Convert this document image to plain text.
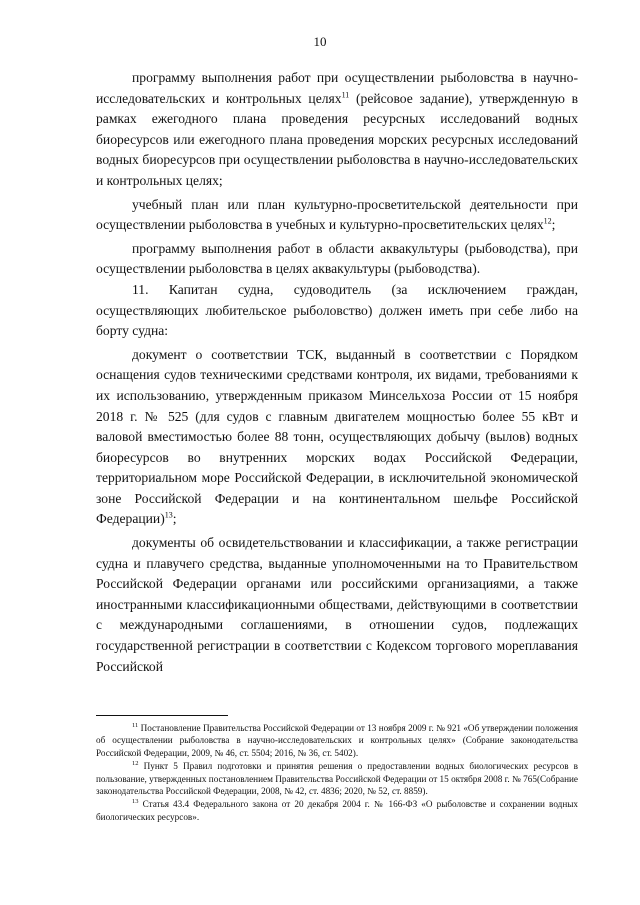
10

программу выполнения работ при осуществлении рыболовства в научно-исследовательских и контрольных целях$^{11}$ (рейсовое задание), утвержденную в рамках ежегодного плана проведения ресурсных исследований водных биоресурсов или ежегодного плана проведения морских ресурсных исследований водных биоресурсов при осуществлении рыболовства в научно-исследовательских и контрольных целях;

учебный план или план культурно-просветительской деятельности при осуществлении рыболовства в учебных и культурно-просветительских целях$^{12}$;

программу выполнения работ в области аквакультуры (рыбоводства), при осуществлении рыболовства в целях аквакультуры (рыбоводства).

11. Капитан судна, судоводитель (за исключением граждан, осуществляющих любительское рыболовство) должен иметь при себе либо на борту судна:

документ о соответствии ТСК, выданный в соответствии с Порядком оснащения судов техническими средствами контроля, их видами, требованиями к их использованию, утвержденным приказом Минсельхоза России от 15 ноября 2018 г. № 525 (для судов с главным двигателем мощностью более 55 кВт и валовой вместимостью более 88 тонн, осуществляющих добычу (вылов) водных биоресурсов во внутренних морских водах Российской Федерации, территориальном море Российской Федерации, в исключительной экономической зоне Российской Федерации и на континентальном шельфе Российской Федерации)$^{13}$;

документы об освидетельствовании и классификации, а также регистрации судна и плавучего средства, выданные уполномоченными на то Правительством Российской Федерации органами или российскими организациями, а также иностранными классификационными обществами, действующими в соответствии с международными соглашениями, в отношении судов, подлежащих государственной регистрации в соответствии с Кодексом торгового мореплавания Российской

$^{11}$ Постановление Правительства Российской Федерации от 13 ноября 2009 г. № 921 «Об утверждении положения об осуществлении рыболовства в научно-исследовательских и контрольных целях» (Собрание законодательства Российской Федерации, 2009, № 46, ст. 5504; 2016, № 36, ст. 5402).

$^{12}$ Пункт 5 Правил подготовки и принятия решения о предоставлении водных биологических ресурсов в пользование, утвержденных постановлением Правительства Российской Федерации от 15 октября 2008 г. № 765(Собрание законодательства Российской Федерации, 2008, № 42, ст. 4836; 2020, № 52, ст. 8859).

$^{13}$ Статья 43.4 Федерального закона от 20 декабря 2004 г. № 166-ФЗ «О рыболовстве и сохранении водных биологических ресурсов».
